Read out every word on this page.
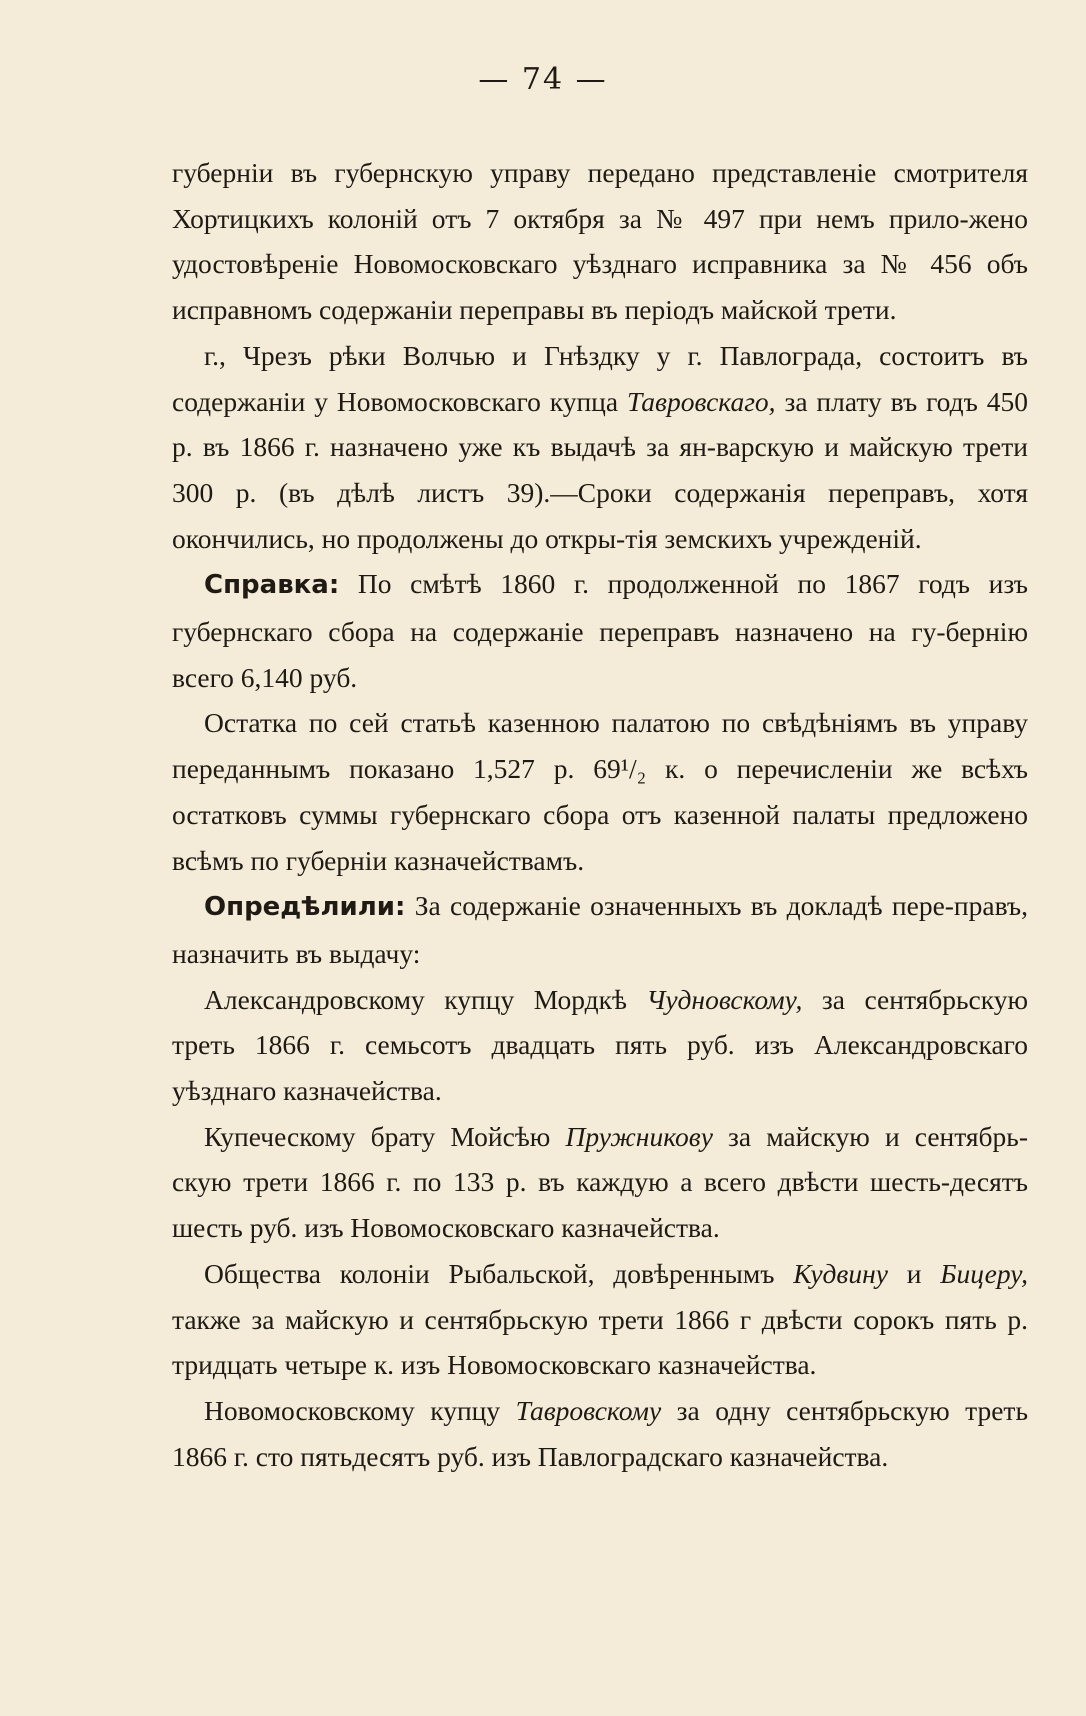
— 74 —

губерніи въ губернскую управу передано представленіе смотрителя Хортицкихъ колоній отъ 7 октября за № 497 при немъ прило-жено удостовѣреніе Новомосковскаго уѣзднаго исправника за № 456 объ исправномъ содержаніи переправы въ періодъ майской трети.

г., Чрезъ рѣки Волчью и Гнѣздку у г. Павлограда, состоитъ въ содержаніи у Новомосковскаго купца Тавровскаго, за плату въ годъ 450 р. въ 1866 г. назначено уже къ выдачѣ за ян-варскую и майскую трети 300 р. (въ дѣлѣ листъ 39).—Сроки содержанія переправъ, хотя окончились, но продолжены до откры-тія земскихъ учрежденій.

Справка: По смѣтѣ 1860 г. продолженной по 1867 годъ изъ губернскаго сбора на содержаніе переправъ назначено на гу-бернію всего 6,140 руб.

Остатка по сей статьѣ казенною палатою по свѣдѣніямъ въ управу переданнымъ показано 1,527 р. 69¹/₂ к. о перечисленіи же всѣхъ остатковъ суммы губернскаго сбора отъ казенной палаты предложено всѣмъ по губерніи казначействамъ.

Опредѣлили: За содержаніе означенныхъ въ докладѣ пере-правъ, назначить въ выдачу:

Александровскому купцу Мордкѣ Чудновскому, за сентябрьскую треть 1866 г. семьсотъ двадцать пять руб. изъ Александровскаго уѣзднаго казначейства.

Купеческому брату Мойсѣю Пружникову за майскую и сентябрь-скую трети 1866 г. по 133 р. въ каждую а всего двѣсти шесть-десятъ шесть руб. изъ Новомосковскаго казначейства.

Общества колоніи Рыбальской, довѣреннымъ Кудвину и Бицеру, также за майскую и сентябрьскую трети 1866 г двѣсти сорокъ пять р. тридцать четыре к. изъ Новомосковскаго казначейства.

Новомосковскому купцу Тавровскому за одну сентябрьскую треть 1866 г. сто пятьдесятъ руб. изъ Павлоградскаго казначейства.
